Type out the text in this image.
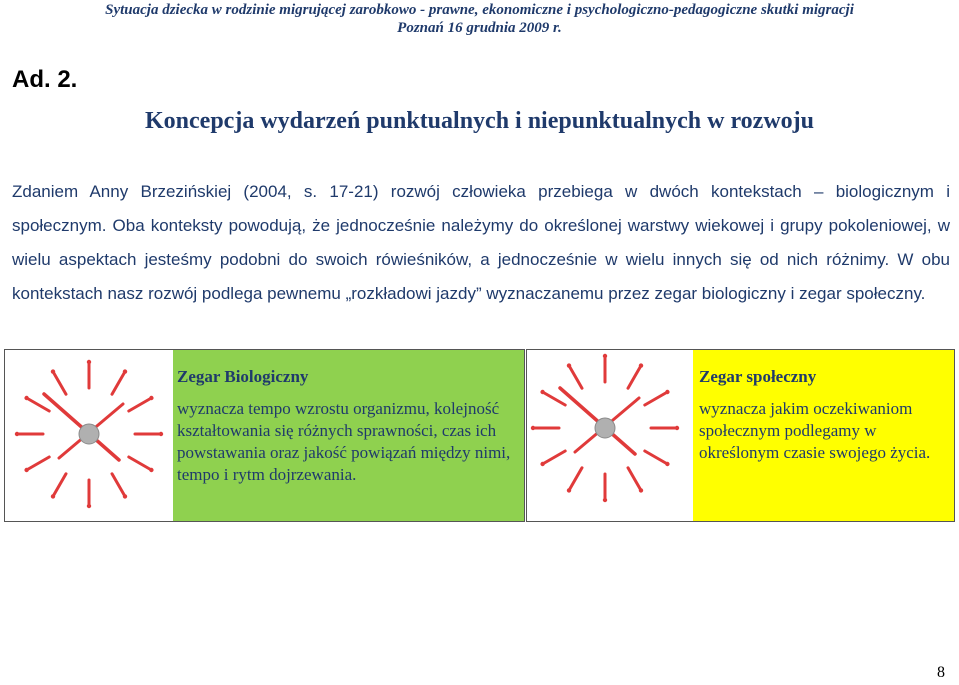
Sytuacja dziecka w rodzinie migrującej zarobkowo - prawne, ekonomiczne i psychologiczno-pedagogiczne skutki migracji
Poznań 16 grudnia 2009 r.
Ad. 2.
Koncepcja wydarzeń punktualnych i niepunktualnych w rozwoju
Zdaniem Anny Brzezińskiej (2004, s. 17-21) rozwój człowieka przebiega w dwóch kontekstach – biologicznym i
społecznym. Oba konteksty powodują, że jednocześnie należymy do określonej warstwy wiekowej i grupy pokoleniowej, w
wielu aspektach jesteśmy podobni do swoich rówieśników, a jednocześnie w wielu innych się od nich różnimy. W obu
kontekstach nasz rozwój podlega pewnemu „rozkładowi jazdy” wyznaczanemu przez zegar biologiczny i zegar społeczny.
Zegar Biologiczny
wyznacza tempo wzrostu organizmu, kolejność kształtowania się różnych sprawności, czas ich powstawania oraz jakość powiązań między nimi, tempo i rytm dojrzewania.
Zegar społeczny
wyznacza jakim oczekiwaniom społecznym podlegamy w określonym czasie swojego życia.
8
